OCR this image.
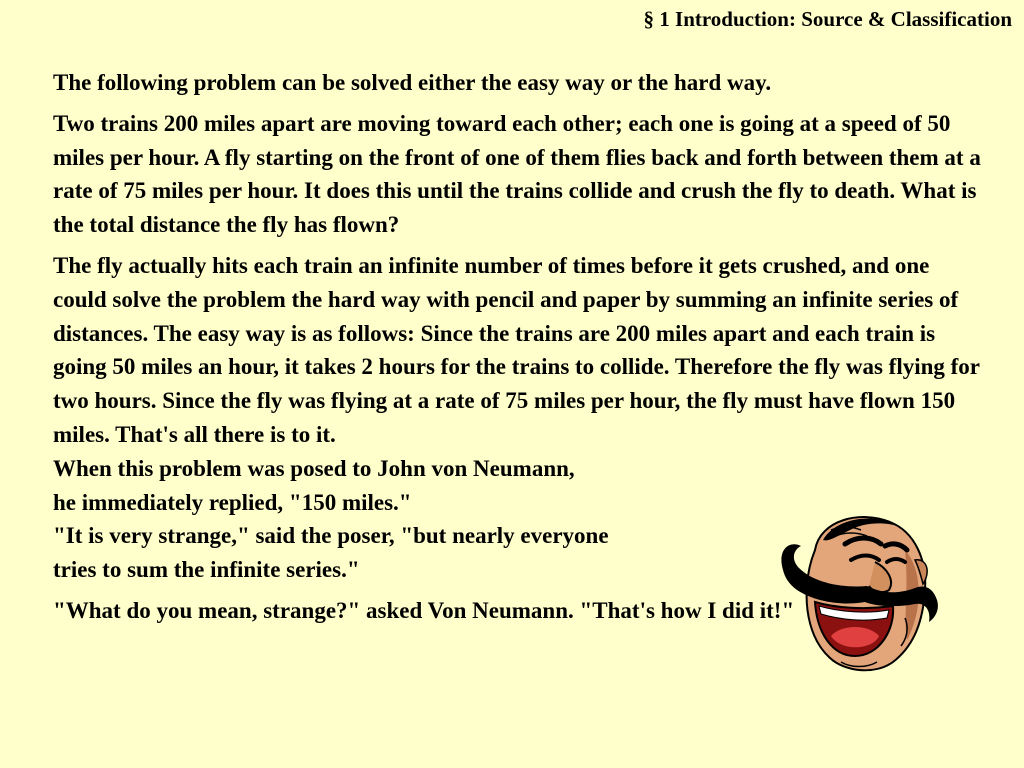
§ 1 Introduction: Source & Classification

The following problem can be solved either the easy way or the hard way.

Two trains 200 miles apart are moving toward each other; each one is going at a speed of 50 miles per hour. A fly starting on the front of one of them flies back and forth between them at a rate of 75 miles per hour. It does this until the trains collide and crush the fly to death. What is the total distance the fly has flown?

The fly actually hits each train an infinite number of times before it gets crushed, and one could solve the problem the hard way with pencil and paper by summing an infinite series of distances. The easy way is as follows: Since the trains are 200 miles apart and each train is going 50 miles an hour, it takes 2 hours for the trains to collide. Therefore the fly was flying for two hours. Since the fly was flying at a rate of 75 miles per hour, the fly must have flown 150 miles. That's all there is to it.

When this problem was posed to John von Neumann,
he immediately replied, "150 miles."
"It is very strange," said the poser, "but nearly everyone
tries to sum the infinite series."

"What do you mean, strange?" asked Von Neumann. "That's how I did it!"
